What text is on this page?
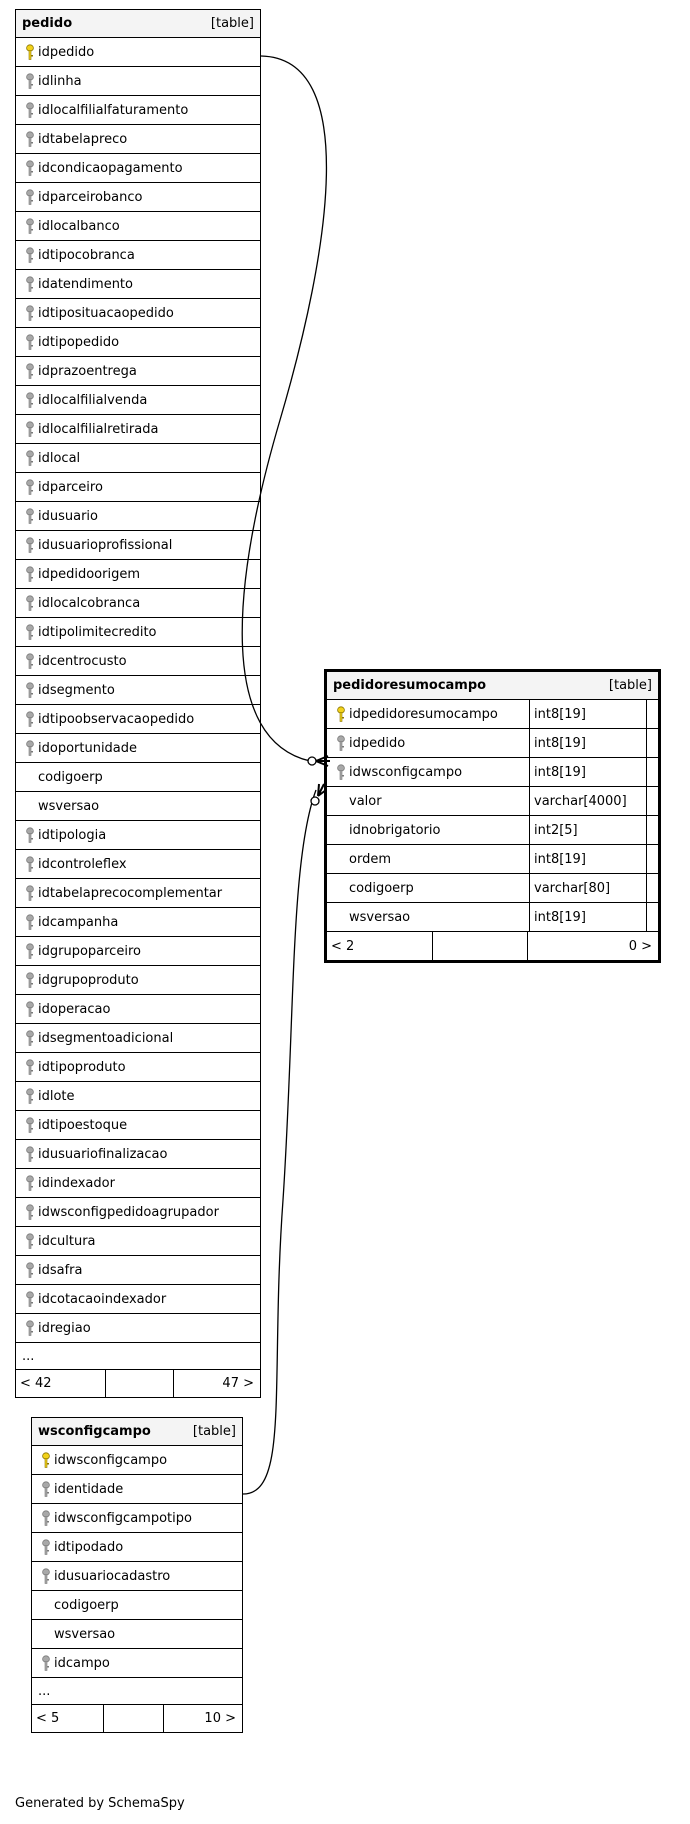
pedido	[table]
idpedido
idlinha
idlocalfilialfaturamento
idtabelapreco
idcondicaopagamento
idparceirobanco
idlocalbanco
idtipocobranca
idatendimento
idtiposituacaopedido
idtipopedido
idprazoentrega
idlocalfilialvenda
idlocalfilialretirada
idlocal
idparceiro
idusuario
idusuarioprofissional
idpedidoorigem
idlocalcobranca
idtipolimitecredito
idcentrocusto
idsegmento
idtipoobservacaopedido
idoportunidade
codigoerp
wsversao
idtipologia
idcontroleflex
idtabelaprecocomplementar
idcampanha
idgrupoparceiro
idgrupoproduto
idoperacao
idsegmentoadicional
idtipoproduto
idlote
idtipoestoque
idusuariofinalizacao
idindexador
idwsconfigpedidoagrupador
idcultura
idsafra
idcotacaoindexador
idregiao
...
< 42	47 >
pedidoresumocampo	[table]
idpedidoresumocampo	int8[19]
idpedido	int8[19]
idwsconfigcampo	int8[19]
valor	varchar[4000]
idnobrigatorio	int2[5]
ordem	int8[19]
codigoerp	varchar[80]
wsversao	int8[19]
< 2	0 >
wsconfigcampo	[table]
idwsconfigcampo
identidade
idwsconfigcampotipo
idtipodado
idusuariocadastro
codigoerp
wsversao
idcampo
...
< 5	10 >
Generated by SchemaSpy
